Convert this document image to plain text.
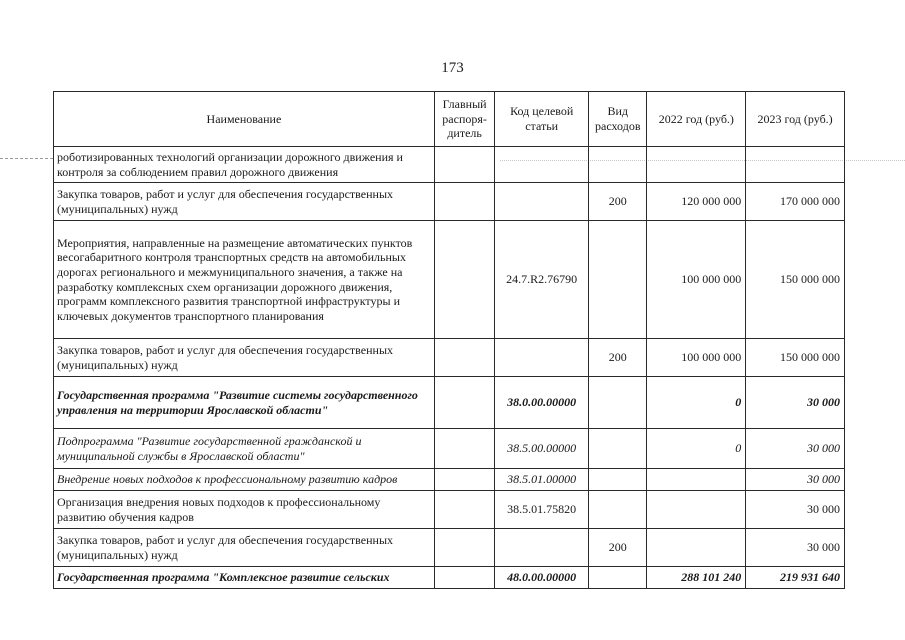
173
Наименование	Главный распоря-дитель	Код целевой статьи	Вид расходов	2022 год (руб.)	2023 год (руб.)
роботизированных технологий организации дорожного движения и контроля за соблюдением правил дорожного движения					
Закупка товаров, работ и услуг для обеспечения государственных (муниципальных) нужд			200	120 000 000	170 000 000
Мероприятия, направленные на размещение автоматических пунктов весогабаритного контроля транспортных средств на автомобильных дорогах регионального и межмуниципального значения, а также на разработку комплексных схем организации дорожного движения, программ комплексного развития транспортной инфраструктуры и ключевых документов транспортного планирования		24.7.R2.76790		100 000 000	150 000 000
Закупка товаров, работ и услуг для обеспечения государственных (муниципальных) нужд			200	100 000 000	150 000 000
Государственная программа "Развитие системы государственного управления на территории Ярославской области"		38.0.00.00000		0	30 000
Подпрограмма "Развитие государственной гражданской и муниципальной службы в Ярославской области"		38.5.00.00000		0	30 000
Внедрение новых подходов к профессиональному развитию кадров		38.5.01.00000			30 000
Организация внедрения новых подходов к профессиональному развитию обучения кадров		38.5.01.75820			30 000
Закупка товаров, работ и услуг для обеспечения государственных (муниципальных) нужд			200		30 000
Государственная программа "Комплексное развитие сельских		48.0.00.00000		288 101 240	219 931 640
